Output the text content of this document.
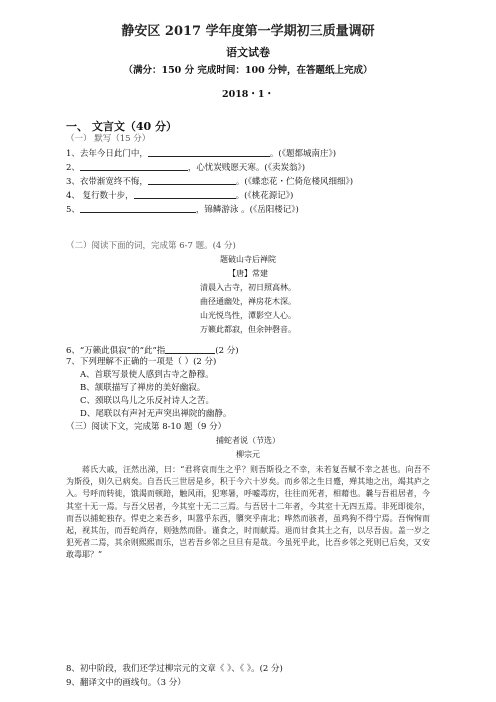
静安区 2017 学年度第一学期初三质量调研
语文试卷
（满分：150 分 完成时间：100 分钟，在答题纸上完成）
2018・1・
一、 文言文（40 分）
（一） 默写（15 分）
1、去年今日此门中，	。(《题都城南庄》)
2、	，心忧炭贱愿天寒。(《卖炭翁》)
3、衣带渐宽终不悔，	。(《蝶恋花・伫倚危楼风细细》)
4、 复行数十步，	。(《桃花源记》)
5、	，锦鳞游泳 。(《岳阳楼记》)
（二）阅读下面的词，完成第 6-7 题。(4 分)
题破山寺后禅院
【唐】常建
清晨入古寺，初日照高林。
曲径通幽处，禅房花木深。
山光悦鸟性，潭影空人心。
万籁此都寂，但余钟磬音。
6、“万籁此俱寂”的“此”指	(2 分)
7、下列理解不正确的一项是（ ）(2 分)
A、首联写景使人感到古寺之静穆。
B、颔联描写了禅房的美好幽寂。
C、颈联以鸟儿之乐反衬诗人之苦。
D、尾联以有声衬无声突出禅院的幽静。
（三）阅读下文，完成第 8-10 题（9 分）
捕蛇者说（节选）
柳宗元
蒋氏大戚，汪然出涕，曰：“君将哀而生之乎？则吾斯役之不幸，未若复吾赋不幸之甚也。向吾不为斯役，则久已病矣。自吾氏三世居是乡，积于今六十岁矣。而乡邻之生日蹙，殚其地之出，竭其庐之入。号呼而转徙，饿渴而顿踣，触风雨，犯寒暑，呼嘘毒疠，往往而死者，相藉也。曩与吾祖居者，今其室十无一焉。与吾父居者，今其室十无二三焉。与吾居十二年者，今其室十无四五焉。非死即徙尔，而吾以捕蛇独存。悍吏之来吾乡，叫嚣乎东西，隳突乎南北；哗然而骇者，虽鸡狗不得宁焉。吾恂恂而起，视其缶，而吾蛇尚存，则弛然而卧。谨食之，时而献焉。退而甘食其土之有，以尽吾齿。盖一岁之犯死者二焉，其余则熙熙而乐，岂若吾乡邻之旦旦有是哉。今虽死乎此，比吾乡邻之死则已后矣，又安敢毒耶？”
8、初中阶段，我们还学过柳宗元的文章《 》、《 》。(2 分)
9、翻译文中的画线句。（3 分）
